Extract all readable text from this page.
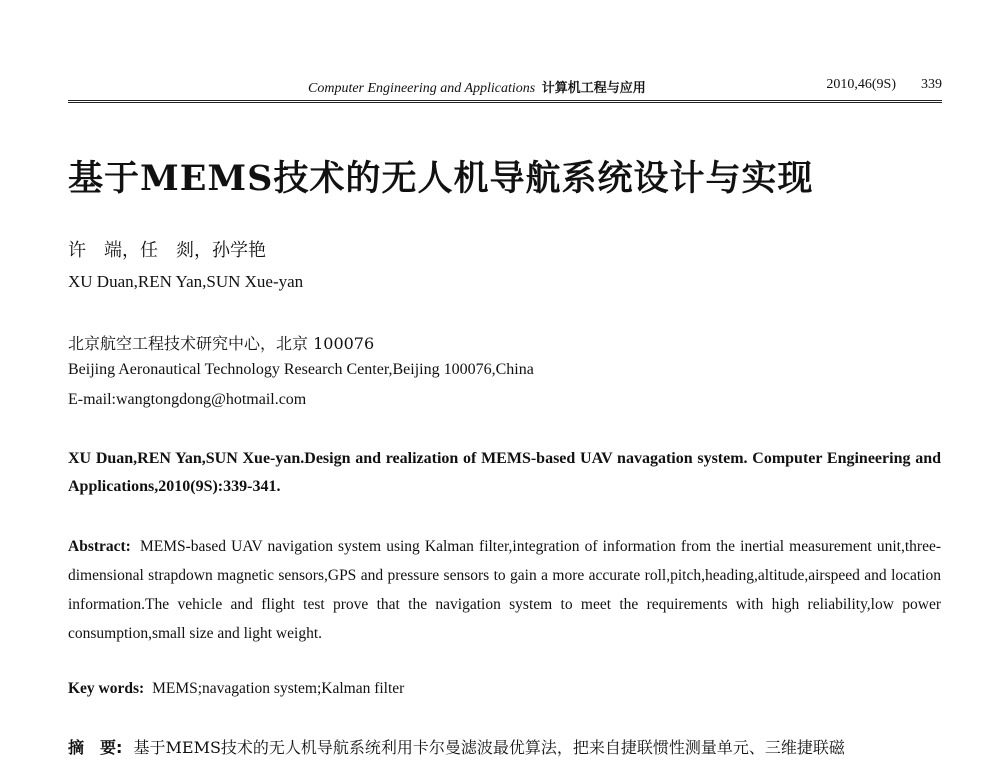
Computer Engineering and Applications 计算机工程与应用	2010,46(9S) 339
基于MEMS技术的无人机导航系统设计与实现
许　端，任　剡，孙学艳
XU Duan,REN Yan,SUN Xue-yan
北京航空工程技术研究中心，北京 100076
Beijing Aeronautical Technology Research Center,Beijing 100076,China
E-mail:wangtongdong@hotmail.com
XU Duan,REN Yan,SUN Xue-yan.Design and realization of MEMS-based UAV navagation system. Computer Engineering and Applications,2010(9S):339-341.
Abstract: MEMS-based UAV navigation system using Kalman filter,integration of information from the inertial measurement unit,three-dimensional strapdown magnetic sensors,GPS and pressure sensors to gain a more accurate roll,pitch,heading,altitude,airspeed and location information.The vehicle and flight test prove that the navigation system to meet the requirements with high reliability,low power consumption,small size and light weight.
Key words: MEMS;navagation system;Kalman filter
摘　要: 基于MEMS技术的无人机导航系统利用卡尔曼滤波最优算法，把来自捷联惯性测量单元、三维捷联磁
